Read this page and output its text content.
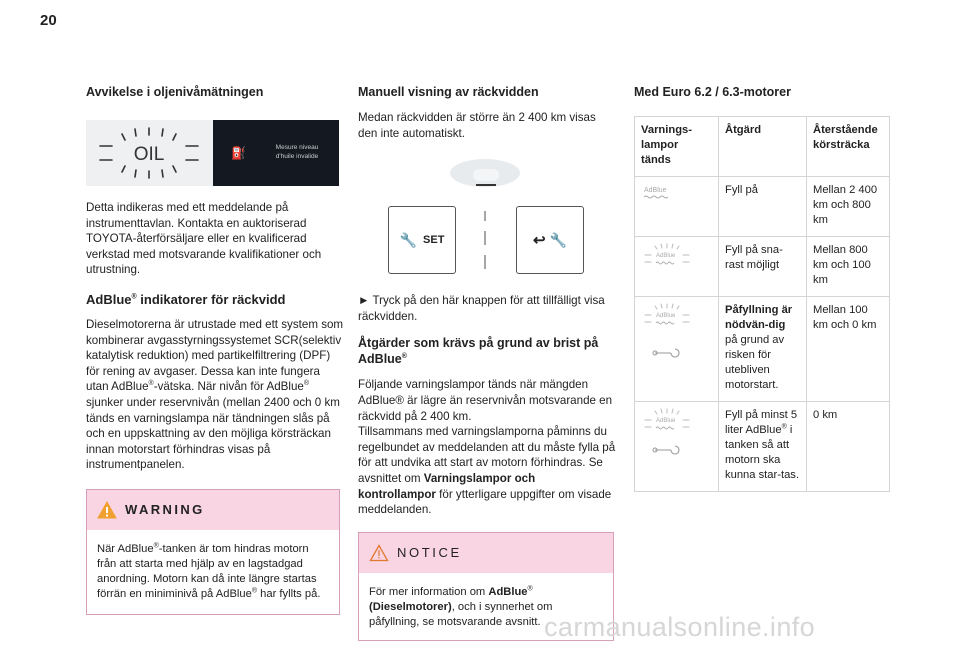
20
Avvikelse i oljenivåmätningen
OIL	⛽	Mesure niveau
d'huile invalide

Detta indikeras med ett meddelande på instrumenttavlan. Kontakta en auktoriserad TOYOTA-återförsäljare eller en kvalificerad verkstad med motsvarande kvalifikationer och utrustning.

AdBlue® indikatorer för räckvidd

Dieselmotorerna är utrustade med ett system som kombinerar avgasstyrningssystemet SCR(selektiv katalytisk reduktion) med partikelfiltrering (DPF) för rening av avgaser. Dessa kan inte fungera utan AdBlue®-vätska. När nivån för AdBlue® sjunker under reservnivån (mellan 2400 och 0 km tänds en varningslampa när tändningen slås på och en uppskattning av den möjliga körsträckan innan motorstart förhindras visas på instrumentpanelen.

WARNING

När AdBlue®-tanken är tom hindras motorn från att starta med hjälp av en lagstadgad anordning. Motorn kan då inte längre startas förrän en miniminivå på AdBlue® har fyllts på.

Manuell visning av räckvidden

Medan räckvidden är större än 2 400 km visas den inte automatiskt.

🔧 SET	↩ 🔧

► Tryck på den här knappen för att tillfälligt visa räckvidden.

Åtgärder som krävs på grund av brist på AdBlue®

Följande varningslampor tänds när mängden AdBlue® är lägre än reservnivån motsvarande en räckvidd på 2 400 km.
Tillsammans med varningslamporna påminns du regelbundet av meddelanden att du måste fylla på för att undvika att start av motorn förhindras. Se avsnittet om Varningslampor och kontrollampor för ytterligare uppgifter om visade meddelanden.

NOTICE

För mer information om AdBlue®
(Dieselmotorer), och i synnerhet om påfyllning, se motsvarande avsnitt.

Med Euro 6.2 / 6.3-motorer
Varnings-
lampor
tänds	Åtgärd	Återstående körsträcka

AdBlue	Fyll på	Mellan 2 400 km och 800 km

AdBlue	Fyll på sna-rast möjligt	Mellan 800 km och 100 km

AdBlue	Påfyllning är nödvän-dig på grund av risken för utebliven motorstart.	Mellan 100 km och 0 km

AdBlue	Fyll på minst 5 liter AdBlue® i tanken så att motorn ska kunna star-tas.	0 km
carmanualsonline.info
